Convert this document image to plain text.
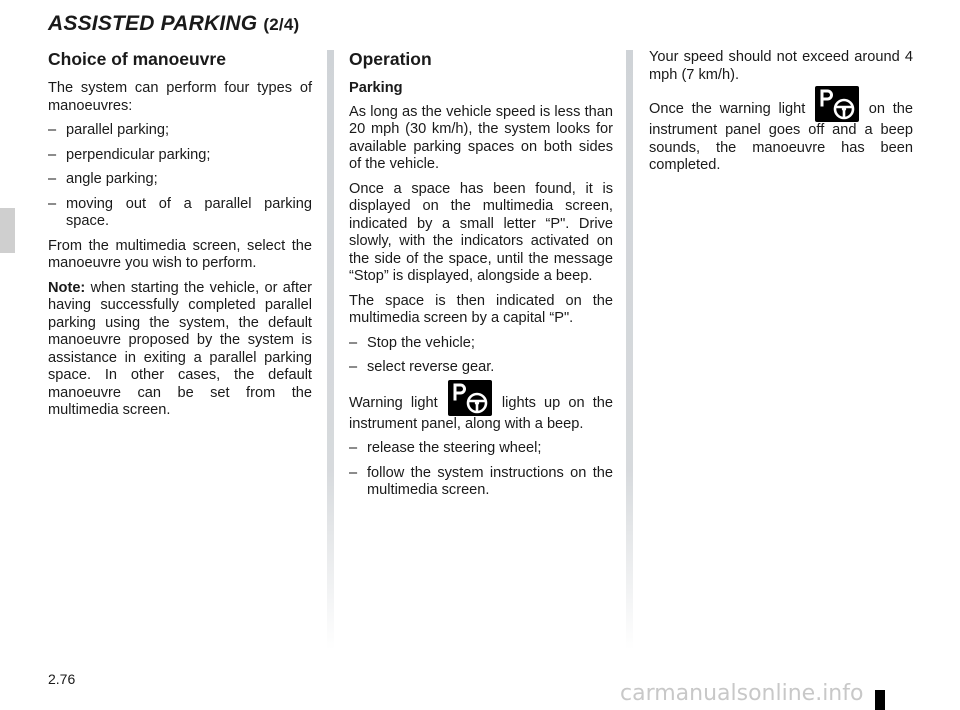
ASSISTED PARKING (2/4)
Choice of manoeuvre

The system can perform four types of manoeuvres:

– parallel parking;
– perpendicular parking;
– angle parking;
– moving out of a parallel parking space.

From the multimedia screen, select the manoeuvre you wish to perform.

Note: when starting the vehicle, or after having successfully completed parallel parking using the system, the default manoeuvre proposed by the system is assistance in exiting a parallel parking space. In other cases, the default manoeuvre can be set from the multimedia screen.

Operation
Parking

As long as the vehicle speed is less than 20 mph (30 km/h), the system looks for available parking spaces on both sides of the vehicle.

Once a space has been found, it is displayed on the multimedia screen, indicated by a small letter “P". Drive slowly, with the indicators activated on the side of the space, until the message “Stop” is displayed, alongside a beep.

The space is then indicated on the multimedia screen by a capital “P".

– Stop the vehicle;
– select reverse gear.

Warning light	lights up on the instrument panel, along with a beep.

– release the steering wheel;
– follow the system instructions on the multimedia screen.

Your speed should not exceed around 4 mph (7 km/h).

Once the warning light	on the instrument panel goes off and a beep sounds, the manoeuvre has been completed.

2.76
carmanualsonline.info
